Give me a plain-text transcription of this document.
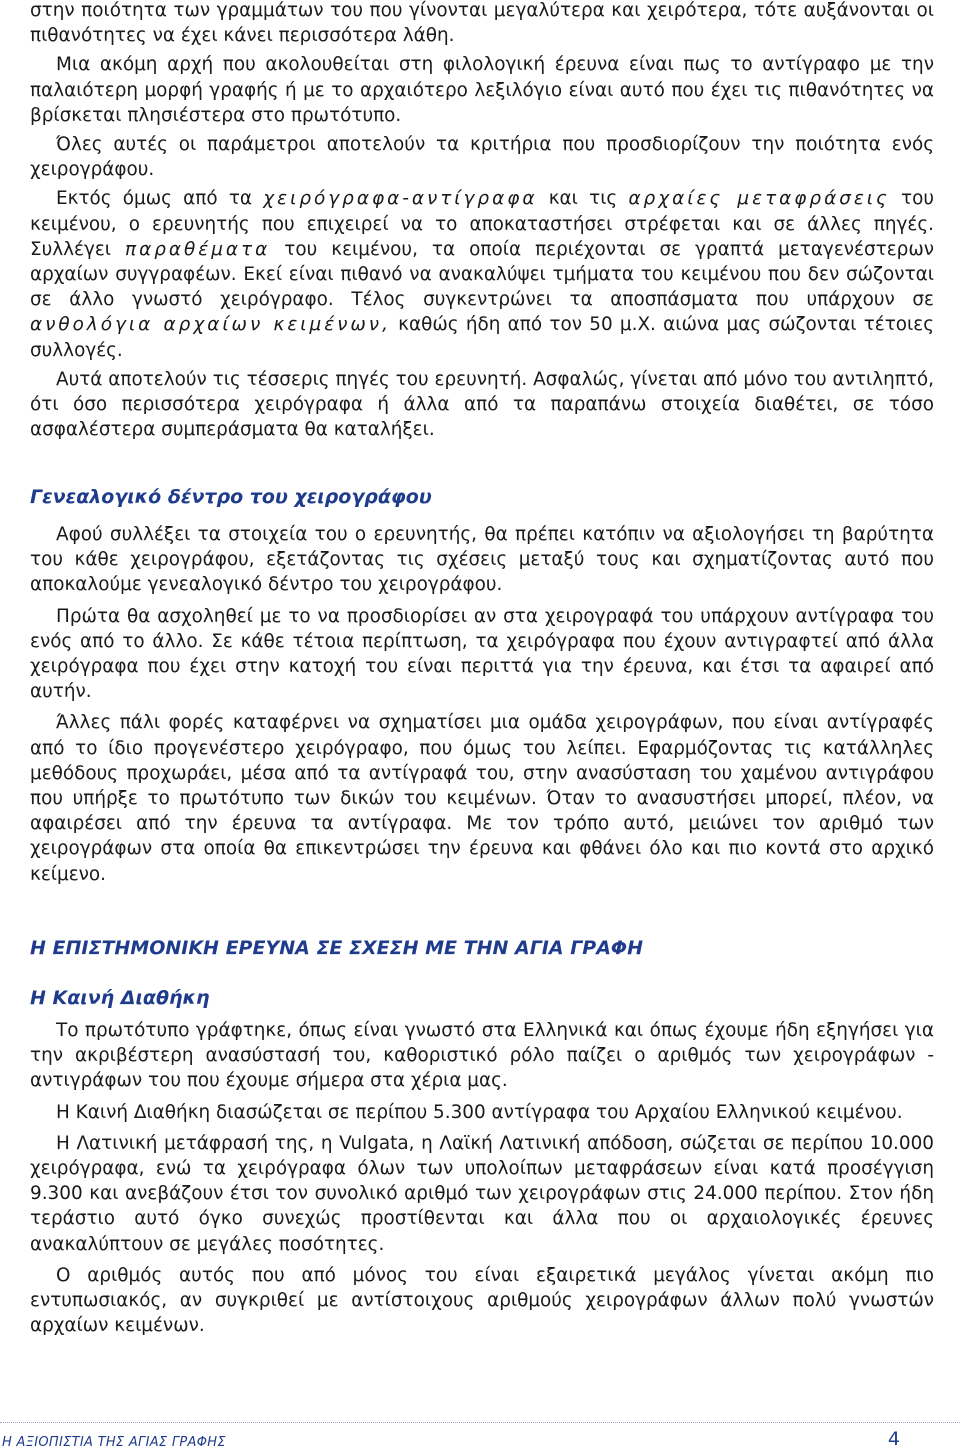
στην ποιότητα των γραμμάτων του που γίνονται μεγαλύτερα και χειρότερα, τότε αυξάνονται οι πιθανότητες να έχει κάνει περισσότερα λάθη.

Μια ακόμη αρχή που ακολουθείται στη φιλολογική έρευνα είναι πως το αντίγραφο με την παλαιότερη μορφή γραφής ή με το αρχαιότερο λεξιλόγιο είναι αυτό που έχει τις πιθανότητες να βρίσκεται πλησιέστερα στο πρωτότυπο.

Όλες αυτές οι παράμετροι αποτελούν τα κριτήρια που προσδιορίζουν την ποιότητα ενός χειρογράφου.

Εκτός όμως από τα χειρόγραφα-αντίγραφα και τις αρχαίες μεταφράσεις του κειμένου, ο ερευνητής που επιχειρεί να το αποκαταστήσει στρέφεται και σε άλλες πηγές. Συλλέγει παραθέματα του κειμένου, τα οποία περιέχονται σε γραπτά μεταγενέστερων αρχαίων συγγραφέων. Εκεί είναι πιθανό να ανακαλύψει τμήματα του κειμένου που δεν σώζονται σε άλλο γνωστό χειρόγραφο. Τέλος συγκεντρώνει τα αποσπάσματα που υπάρχουν σε ανθολόγια αρχαίων κειμένων, καθώς ήδη από τον 50 μ.Χ. αιώνα μας σώζονται τέτοιες συλλογές.

Αυτά αποτελούν τις τέσσερις πηγές του ερευνητή. Ασφαλώς, γίνεται από μόνο του αντιληπτό, ότι όσο περισσότερα χειρόγραφα ή άλλα από τα παραπάνω στοιχεία διαθέτει, σε τόσο ασφαλέστερα συμπεράσματα θα καταλήξει.

Γενεαλογικό δέντρο του χειρογράφου

Αφού συλλέξει τα στοιχεία του ο ερευνητής, θα πρέπει κατόπιν να αξιολογήσει τη βαρύτητα του κάθε χειρογράφου, εξετάζοντας τις σχέσεις μεταξύ τους και σχηματίζοντας αυτό που αποκαλούμε γενεαλογικό δέντρο του χειρογράφου.

Πρώτα θα ασχοληθεί με το να προσδιορίσει αν στα χειρογραφά του υπάρχουν αντίγραφα του ενός από το άλλο. Σε κάθε τέτοια περίπτωση, τα χειρόγραφα που έχουν αντιγραφτεί από άλλα χειρόγραφα που έχει στην κατοχή του είναι περιττά για την έρευνα, και έτσι τα αφαιρεί από αυτήν.

Άλλες πάλι φορές καταφέρνει να σχηματίσει μια ομάδα χειρογράφων, που είναι αντίγραφές από το ίδιο προγενέστερο χειρόγραφο, που όμως του λείπει. Εφαρμόζοντας τις κατάλληλες μεθόδους προχωράει, μέσα από τα αντίγραφά του, στην ανασύσταση του χαμένου αντιγράφου που υπήρξε το πρωτότυπο των δικών του κειμένων. Όταν το ανασυστήσει μπορεί, πλέον, να αφαιρέσει από την έρευνα τα αντίγραφα. Με τον τρόπο αυτό, μειώνει τον αριθμό των χειρογράφων στα οποία θα επικεντρώσει την έρευνα και φθάνει όλο και πιο κοντά στο αρχικό κείμενο.

Η ΕΠΙΣΤΗΜΟΝΙΚΗ ΕΡΕΥΝΑ ΣΕ ΣΧΕΣΗ ΜΕ ΤΗΝ ΑΓΙΑ ΓΡΑΦΗ
Η Καινή Διαθήκη

Το πρωτότυπο γράφτηκε, όπως είναι γνωστό στα Ελληνικά και όπως έχουμε ήδη εξηγήσει για την ακριβέστερη ανασύστασή του, καθοριστικό ρόλο παίζει ο αριθμός των χειρογράφων - αντιγράφων του που έχουμε σήμερα στα χέρια μας.

Η Καινή Διαθήκη διασώζεται σε περίπου 5.300 αντίγραφα του Αρχαίου Ελληνικού κειμένου.

Η Λατινική μετάφρασή της, η Vulgata, η Λαϊκή Λατινική απόδοση, σώζεται σε περίπου 10.000 χειρόγραφα, ενώ τα χειρόγραφα όλων των υπολοίπων μεταφράσεων είναι κατά προσέγγιση 9.300 και ανεβάζουν έτσι τον συνολικό αριθμό των χειρογράφων στις 24.000 περίπου. Στον ήδη τεράστιο αυτό όγκο συνεχώς προστίθενται και άλλα που οι αρχαιολογικές έρευνες ανακαλύπτουν σε μεγάλες ποσότητες.

Ο αριθμός αυτός που από μόνος του είναι εξαιρετικά μεγάλος γίνεται ακόμη πιο εντυπωσιακός, αν συγκριθεί με αντίστοιχους αριθμούς χειρογράφων άλλων πολύ γνωστών αρχαίων κειμένων.

Η ΑΞΙΟΠΙΣΤΙΑ ΤΗΣ ΑΓΙΑΣ ΓΡΑΦΗΣ	4
